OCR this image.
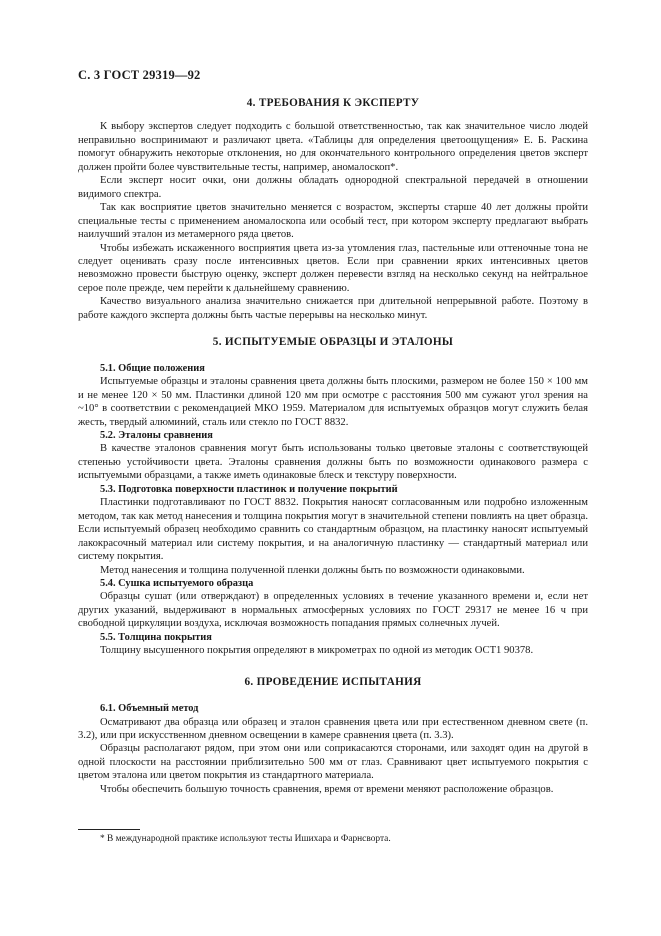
С. 3 ГОСТ 29319—92

4. ТРЕБОВАНИЯ К ЭКСПЕРТУ

К выбору экспертов следует подходить с большой ответственностью, так как значительное число людей неправильно воспринимают и различают цвета. «Таблицы для определения цветоощущения» Е. Б. Раскина помогут обнаружить некоторые отклонения, но для окончательного контрольного определения цветов эксперт должен пройти более чувствительные тесты, например, аномалоскоп*.

Если эксперт носит очки, они должны обладать однородной спектральной передачей в отношении видимого спектра.

Так как восприятие цветов значительно меняется с возрастом, эксперты старше 40 лет должны пройти специальные тесты с применением аномалоскопа или особый тест, при котором эксперту предлагают выбрать наилучший эталон из метамерного ряда цветов.

Чтобы избежать искаженного восприятия цвета из-за утомления глаз, пастельные или оттеночные тона не следует оценивать сразу после интенсивных цветов. Если при сравнении ярких интенсивных цветов невозможно провести быструю оценку, эксперт должен перевести взгляд на несколько секунд на нейтральное серое поле прежде, чем перейти к дальнейшему сравнению.

Качество визуального анализа значительно снижается при длительной непрерывной работе. Поэтому в работе каждого эксперта должны быть частые перерывы на несколько минут.

5. ИСПЫТУЕМЫЕ ОБРАЗЦЫ И ЭТАЛОНЫ

5.1. Общие положения

Испытуемые образцы и эталоны сравнения цвета должны быть плоскими, размером не более 150 × 100 мм и не менее 120 × 50 мм. Пластинки длиной 120 мм при осмотре с расстояния 500 мм сужают угол зрения на ~10° в соответствии с рекомендацией МКО 1959. Материалом для испытуемых образцов могут служить белая жесть, твердый алюминий, сталь или стекло по ГОСТ 8832.

5.2. Эталоны сравнения

В качестве эталонов сравнения могут быть использованы только цветовые эталоны с соответствующей степенью устойчивости цвета. Эталоны сравнения должны быть по возможности одинакового размера с испытуемыми образцами, а также иметь одинаковые блеск и текстуру поверхности.

5.3. Подготовка поверхности пластинок и получение покрытий

Пластинки подготавливают по ГОСТ 8832. Покрытия наносят согласованным или подробно изложенным методом, так как метод нанесения и толщина покрытия могут в значительной степени повлиять на цвет образца. Если испытуемый образец необходимо сравнить со стандартным образцом, на пластинку наносят испытуемый лакокрасочный материал или систему покрытия, и на аналогичную пластинку — стандартный материал или систему покрытия.

Метод нанесения и толщина полученной пленки должны быть по возможности одинаковыми.

5.4. Сушка испытуемого образца

Образцы сушат (или отверждают) в определенных условиях в течение указанного времени и, если нет других указаний, выдерживают в нормальных атмосферных условиях по ГОСТ 29317 не менее 16 ч при свободной циркуляции воздуха, исключая возможность попадания прямых солнечных лучей.

5.5. Толщина покрытия

Толщину высушенного покрытия определяют в микрометрах по одной из методик ОСТ1 90378.

6. ПРОВЕДЕНИЕ ИСПЫТАНИЯ

6.1. Объемный метод

Осматривают два образца или образец и эталон сравнения цвета или при естественном дневном свете (п. 3.2), или при искусственном дневном освещении в камере сравнения цвета (п. 3.3).

Образцы располагают рядом, при этом они или соприкасаются сторонами, или заходят один на другой в одной плоскости на расстоянии приблизительно 500 мм от глаз. Сравнивают цвет испытуемого покрытия с цветом эталона или цветом покрытия из стандартного материала.

Чтобы обеспечить большую точность сравнения, время от времени меняют расположение образцов.

* В международной практике используют тесты Ишихара и Фарнсворта.
